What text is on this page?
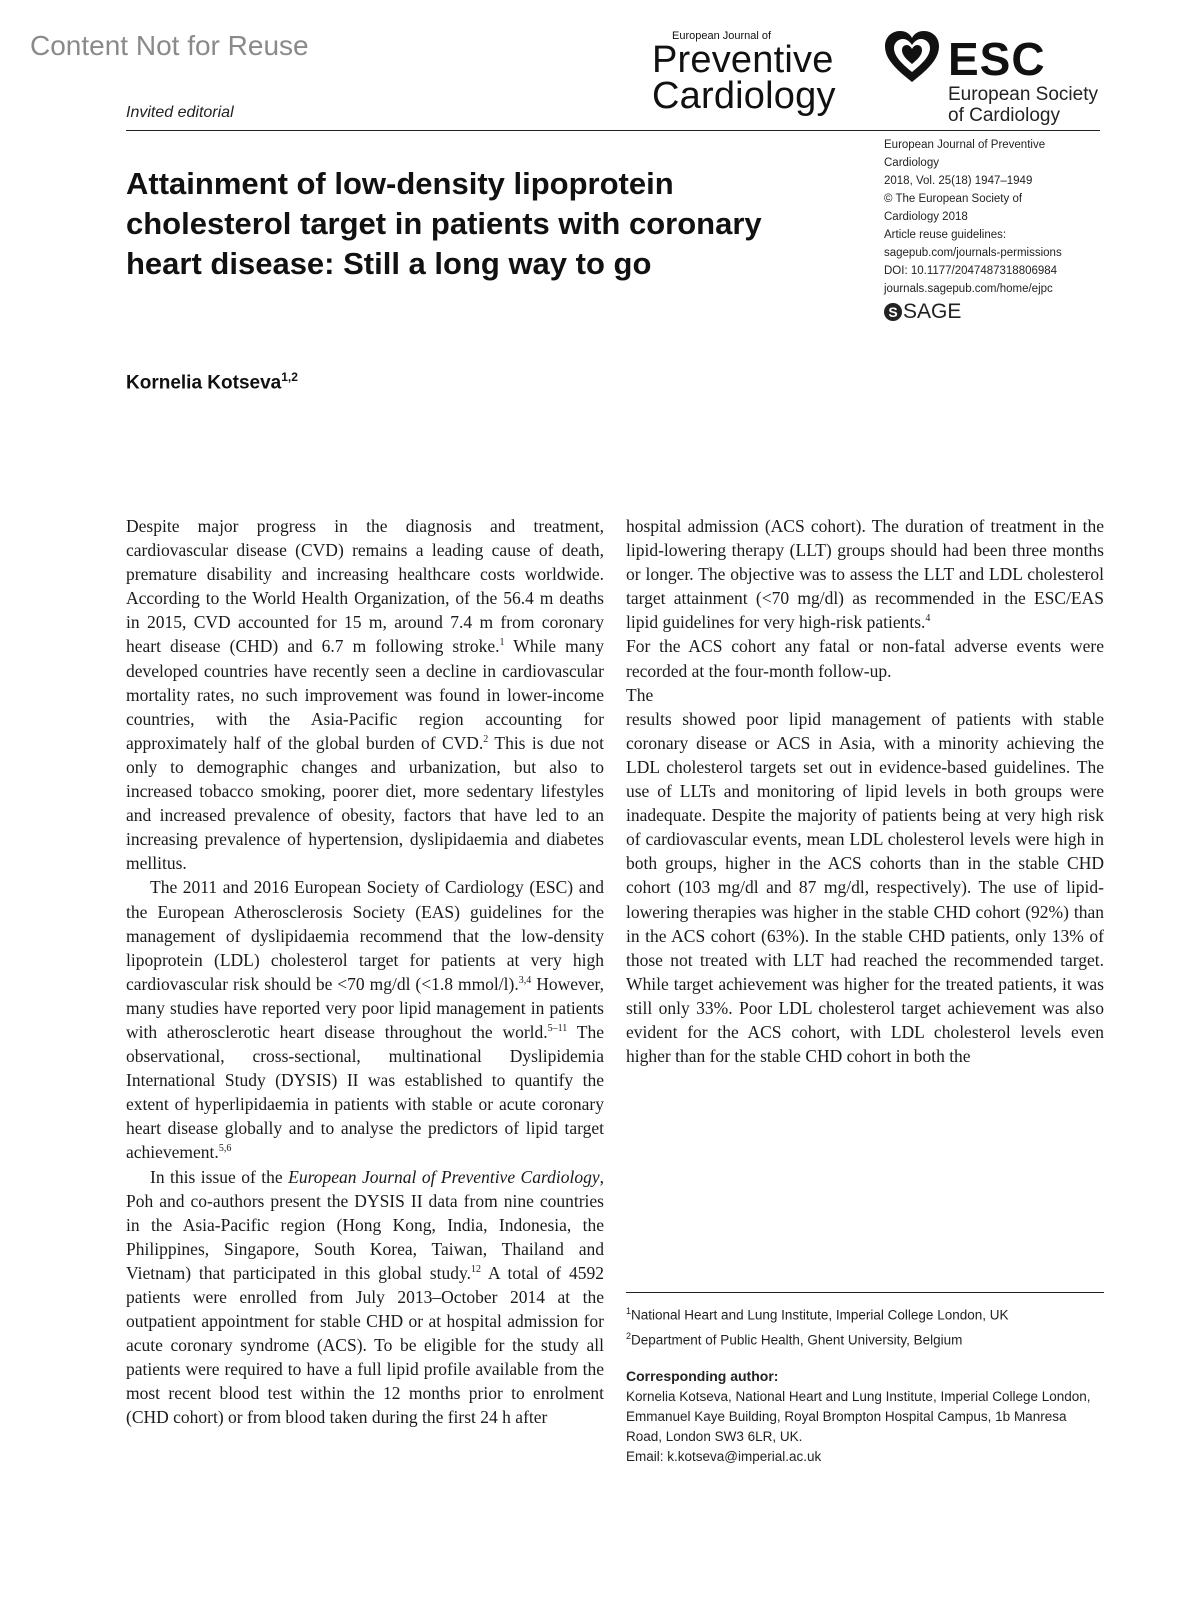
Content Not for Reuse
Invited editorial
European Journal of
Preventive
Cardiology
ESC
European Society
of Cardiology
European Journal of Preventive
Cardiology
2018, Vol. 25(18) 1947–1949
© The European Society of
Cardiology 2018
Article reuse guidelines:
sagepub.com/journals-permissions
DOI: 10.1177/2047487318806984
journals.sagepub.com/home/ejpc
S SAGE
Attainment of low-density lipoprotein cholesterol target in patients with coronary heart disease: Still a long way to go
Kornelia Kotseva$^{1,2}$

Despite major progress in the diagnosis and treatment, cardiovascular disease (CVD) remains a leading cause of death, premature disability and increasing healthcare costs worldwide. According to the World Health Organization, of the 56.4 m deaths in 2015, CVD accounted for 15 m, around 7.4 m from coronary heart disease (CHD) and 6.7 m following stroke.$^1$ While many developed countries have recently seen a decline in cardiovascular mortality rates, no such improvement was found in lower-income countries, with the Asia-Pacific region accounting for approximately half of the global burden of CVD.$^2$ This is due not only to demographic changes and urbanization, but also to increased tobacco smoking, poorer diet, more sedentary lifestyles and increased prevalence of obesity, factors that have led to an increasing prevalence of hypertension, dyslipidaemia and diabetes mellitus.

The 2011 and 2016 European Society of Cardiology (ESC) and the European Atherosclerosis Society (EAS) guidelines for the management of dyslipidaemia recommend that the low-density lipoprotein (LDL) cholesterol target for patients at very high cardiovascular risk should be <70 mg/dl (<1.8 mmol/l).$^{3,4}$ However, many studies have reported very poor lipid management in patients with atherosclerotic heart disease throughout the world.$^{5-11}$ The observational, cross-sectional, multinational Dyslipidemia International Study (DYSIS) II was established to quantify the extent of hyperlipidaemia in patients with stable or acute coronary heart disease globally and to analyse the predictors of lipid target achievement.$^{5,6}$

In this issue of the European Journal of Preventive Cardiology, Poh and co-authors present the DYSIS II data from nine countries in the Asia-Pacific region (Hong Kong, India, Indonesia, the Philippines, Singapore, South Korea, Taiwan, Thailand and Vietnam) that participated in this global study.$^{12}$ A total of 4592 patients were enrolled from July 2013–October 2014 at the outpatient appointment for stable CHD or at hospital admission for acute coronary syndrome (ACS). To be eligible for the study all patients were required to have a full lipid profile available from the most recent blood test within the 12 months prior to enrolment (CHD cohort) or from blood taken during the first 24 h after

hospital admission (ACS cohort). The duration of treatment in the lipid-lowering therapy (LLT) groups should had been three months or longer. The objective was to assess the LLT and LDL cholesterol target attainment (<70 mg/dl) as recommended in the ESC/EAS lipid guidelines for very high-risk patients.$^4$

For the ACS cohort any fatal or non-fatal adverse events were recorded at the four-month follow-up.

The

results showed poor lipid management of patients with stable coronary disease or ACS in Asia, with a minority achieving the LDL cholesterol targets set out in evidence-based guidelines. The use of LLTs and monitoring of lipid levels in both groups were inadequate. Despite the majority of patients being at very high risk of cardiovascular events, mean LDL cholesterol levels were high in both groups, higher in the ACS cohorts than in the stable CHD cohort (103 mg/dl and 87 mg/dl, respectively). The use of lipid-lowering therapies was higher in the stable CHD cohort (92%) than in the ACS cohort (63%). In the stable CHD patients, only 13% of those not treated with LLT had reached the recommended target. While target achievement was higher for the treated patients, it was still only 33%. Poor LDL cholesterol target achievement was also evident for the ACS cohort, with LDL cholesterol levels even higher than for the stable CHD cohort in both the

$^1$National Heart and Lung Institute, Imperial College London, UK
$^2$Department of Public Health, Ghent University, Belgium
Corresponding author:
Kornelia Kotseva, National Heart and Lung Institute, Imperial College London, Emmanuel Kaye Building, Royal Brompton Hospital Campus, 1b Manresa Road, London SW3 6LR, UK.
Email: k.kotseva@imperial.ac.uk
